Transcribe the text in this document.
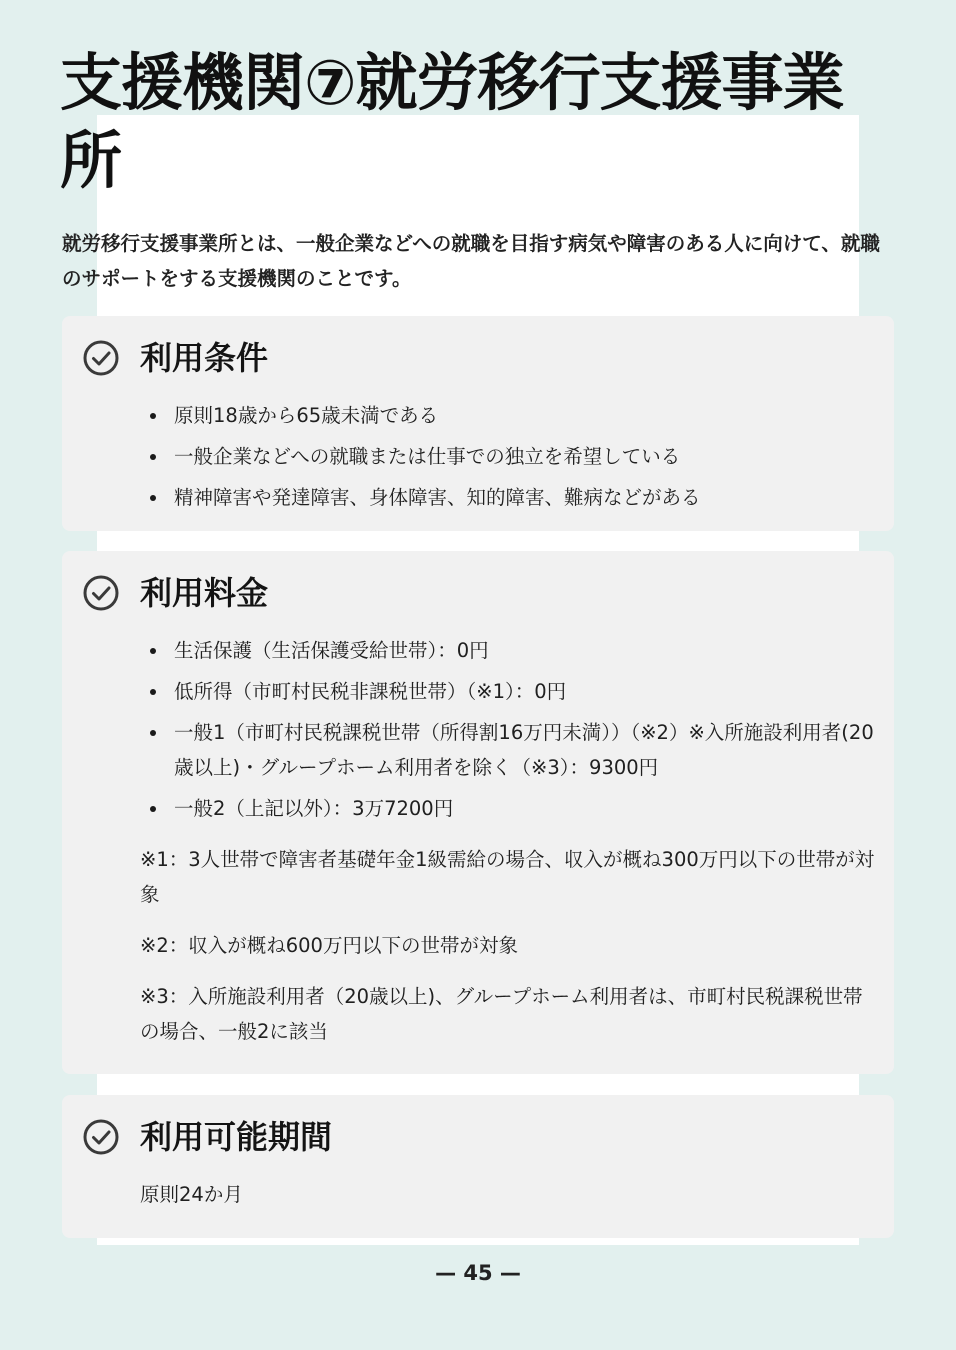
支援機関⑦就労移行支援事業所

就労移行支援事業所とは、一般企業などへの就職を目指す病気や障害のある人に向けて、就職のサポートをする支援機関のことです。

利用条件
原則18歳から65歳未満である
一般企業などへの就職または仕事での独立を希望している
精神障害や発達障害、身体障害、知的障害、難病などがある
利用料金
生活保護（生活保護受給世帯）：0円
低所得（市町村民税非課税世帯）（※1）：0円
一般1（市町村民税課税世帯（所得割16万円未満））（※2）※入所施設利用者(20歳以上)・グループホーム利用者を除く（※3）：9300円
一般2（上記以外）：3万7200円

※1：3人世帯で障害者基礎年金1級需給の場合、収入が概ね300万円以下の世帯が対象

※2：収入が概ね600万円以下の世帯が対象

※3：入所施設利用者（20歳以上)、グループホーム利用者は、市町村民税課税世帯の場合、一般2に該当

利用可能期間

原則24か月

— 45 —
